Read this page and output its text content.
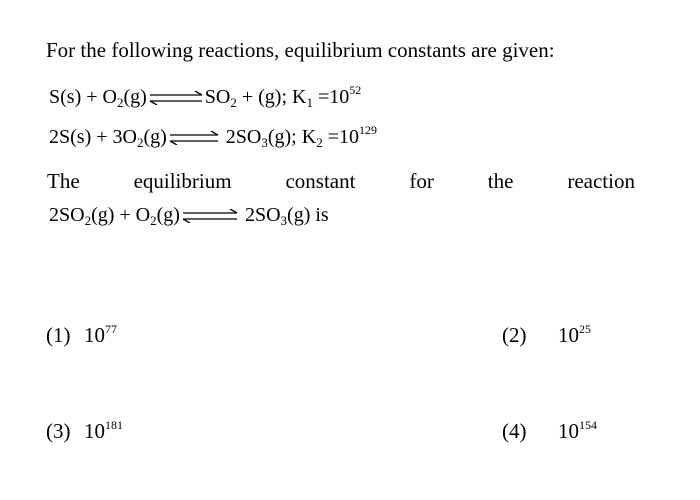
For the following reactions, equilibrium constants are given:
$S(s) + O_2(g)$ ⇌ $SO_2 + (g)$; $K_1 =10^{52}$
$2S(s) + 3O_2(g)$ ⇌ $2SO_3(g)$; $K_2 =10^{129}$
The	equilibrium	constant	for	the	reaction
$2SO_2(g) + O_2(g)$ ⇌ $2SO_3(g)$ is
(1) $10^{77}$	(2) $10^{25}$
(3) $10^{181}$	(4) $10^{154}$
